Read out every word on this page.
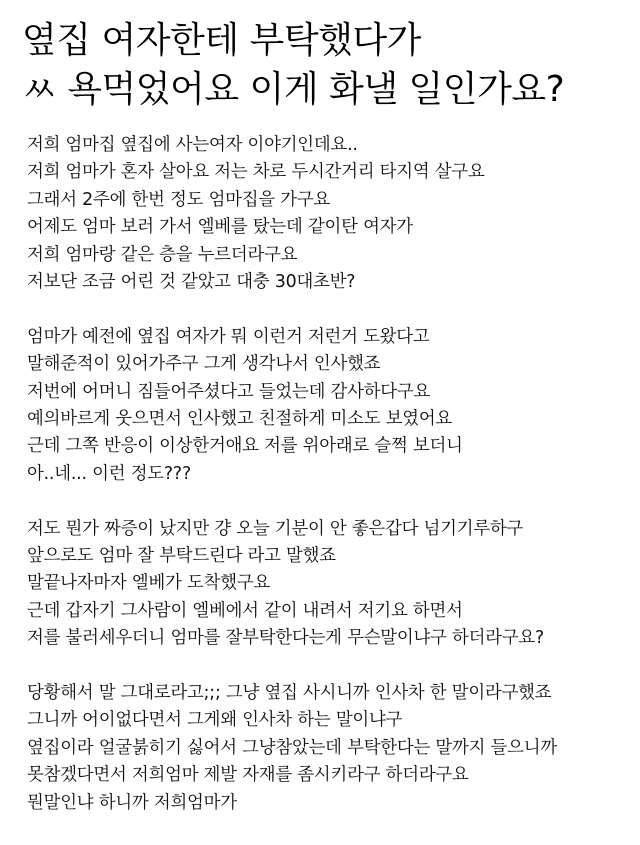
옆집 여자한테 부탁했다가
ㅆ 욕먹었어요 이게 화낼 일인가요?
저희 엄마집 옆집에 사는여자 이야기인데요..
저희 엄마가 혼자 살아요 저는 차로 두시간거리 타지역 살구요
그래서 2주에 한번 정도 엄마집을 가구요
어제도 엄마 보러 가서 엘베를 탔는데 같이탄 여자가
저희 엄마랑 같은 층을 누르더라구요
저보단 조금 어린 것 같았고 대충 30대초반?
엄마가 예전에 옆집 여자가 뭐 이런거 저런거 도왔다고
말해준적이 있어가주구 그게 생각나서 인사했죠
저번에 어머니 짐들어주셨다고 들었는데 감사하다구요
예의바르게 웃으면서 인사했고 친절하게 미소도 보였어요
근데 그쪽 반응이 이상한거애요 저를 위아래로 슬쩍 보더니
아..네... 이런 정도???
저도 뭔가 짜증이 났지만 걍 오늘 기분이 안 좋은갑다 넘기기루하구
앞으로도 엄마 잘 부탁드린다 라고 말했죠
말끝나자마자 엘베가 도착했구요
근데 갑자기 그사람이 엘베에서 같이 내려서 저기요 하면서
저를 불러세우더니 엄마를 잘부탁한다는게 무슨말이냐구 하더라구요?
당황해서 말 그대로라고;;; 그냥 옆집 사시니까 인사차 한 말이라구했죠
그니까 어이없다면서 그게왜 인사차 하는 말이냐구
옆집이라 얼굴붉히기 싫어서 그냥참았는데 부탁한다는 말까지 들으니까
못참겠다면서 저희엄마 제발 자재를 좀시키라구 하더라구요
뭔말인냐 하니까 저희엄마가
